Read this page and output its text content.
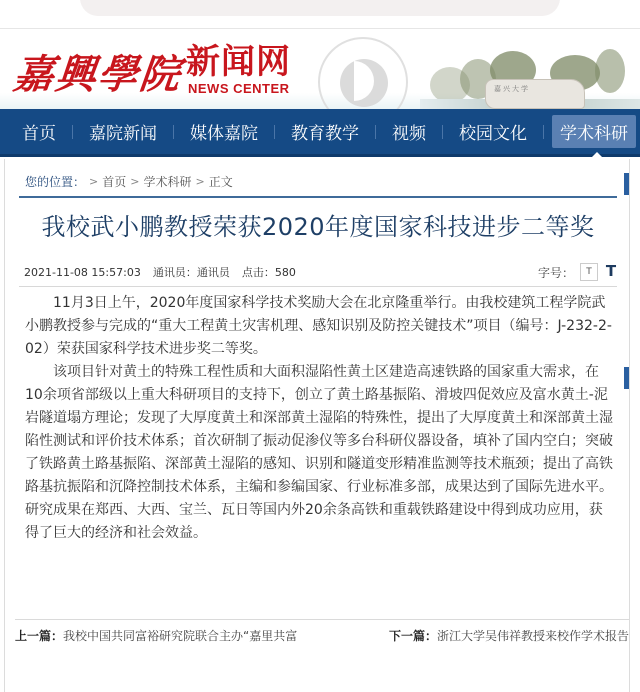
嘉興學院 新闻网
NEWS CENTER	嘉兴大学
首页	嘉院新闻	媒体嘉院	教育教学	视频	校园文化	学术科研
您的位置： > 首页 > 学术科研 > 正文
我校武小鹏教授荣获2020年度国家科技进步二等奖
2021-11-08 15:57:03 通讯员：通讯员 点击：580	字号：	T T

11月3日上午，2020年度国家科学技术奖励大会在北京隆重举行。由我校建筑工程学院武小鹏教授参与完成的“重大工程黄土灾害机理、感知识别及防控关键技术”项目（编号：J-232-2-02）荣获国家科学技术进步奖二等奖。

该项目针对黄土的特殊工程性质和大面积湿陷性黄土区建造高速铁路的国家重大需求，在10余项省部级以上重大科研项目的支持下，创立了黄土路基振陷、滑坡四促效应及富水黄土-泥岩隧道塌方理论；发现了大厚度黄土和深部黄土湿陷的特殊性，提出了大厚度黄土和深部黄土湿陷性测试和评价技术体系；首次研制了振动促渗仪等多台科研仪器设备，填补了国内空白；突破了铁路黄土路基振陷、深部黄土湿陷的感知、识别和隧道变形精准监测等技术瓶颈；提出了高铁路基抗振陷和沉降控制技术体系，主编和参编国家、行业标准多部，成果达到了国际先进水平。研究成果在郑西、大西、宝兰、瓦日等国内外20余条高铁和重载铁路建设中得到成功应用，获得了巨大的经济和社会效益。

上一篇：我校中国共同富裕研究院联合主办“嘉里共富	下一篇：浙江大学吴伟祥教授来校作学术报告
